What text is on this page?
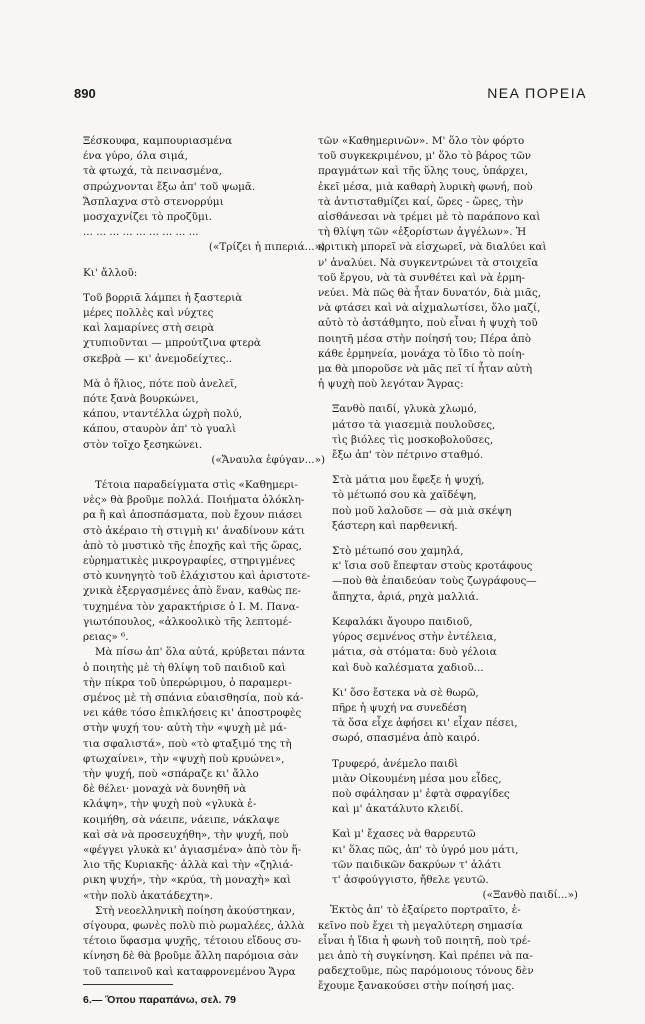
890	ΝΕΑ ΠΟΡΕΙΑ
Ξέσκουφα, καμπουριασμένα
ένα γύρο, όλα σιμά,
τὰ φτωχά, τὰ πεινασμένα,
σπρώχνονται ἔξω ἀπ' τοῦ ψωμᾶ.
Ἄσπλαχνα στὸ στενορρύμι
μοσχαχνίζει τὸ προζῦμι.
... ... ... ... ... ... ... ... ...
(«Τρίζει ἡ πιπεριά...»)
Κι' ἄλλοῦ:
Τοῦ βορριᾶ λάμπει ἡ ξαστεριὰ
μέρες πολλὲς καὶ νύχτες
καὶ λαμαρίνες στὴ σειρὰ
χτυπιοῦνται — μπρούτζινα φτερὰ
σκεβρὰ — κι' ἀνεμοδείχτες..
Μὰ ὁ ἥλιος, πότε ποὺ ἀνελεῖ,
πότε ξανὰ βουρκώνει,
κάπου, νταντέλλα ὡχρὴ πολύ,
κάπου, σταυρὸν ἀπ' τὸ γυαλὶ
στὸν τοῖχο ξεσηκώνει.
(«Ἄναυλα ἐφύγαν...»)
Τέτοια παραδείγματα στὶς «Καθημερι-
νὲς» θὰ βροῦμε πολλά. Ποιήματα ὁλόκλη-
ρα ἢ καὶ ἀποσπάσματα, ποὺ ἔχουν πιάσει
στὸ ἀκέραιο τὴ στιγμὴ κι' ἀναδίνουν κάτι
ἀπὸ τὸ μυστικὸ τῆς ἐποχῆς καὶ τῆς ὥρας,
εὐρηματικὲς μικρογραφίες, στηριγμένες
στὸ κυνηγητὸ τοῦ ἐλάχιστου καὶ ἀριστοτε-
χνικὰ ἐξεργασμένες ἀπὸ ἕναν, καθὼς πε-
τυχημένα τὸν χαρακτήρισε ὁ Ι. Μ. Πανα-
γιωτόπουλος, «ἀλκοολικὸ τῆς λεπτομέ-
ρειας» ⁶.
Μὰ πίσω ἀπ' ὅλα αὐτά, κρύβεται πάντα
ὁ ποιητὴς μὲ τὴ θλίψη τοῦ παιδιοῦ καὶ
τὴν πίκρα τοῦ ὑπερώριμου, ὁ παραμερι-
σμένος μὲ τὴ σπάνια εὐαισθησία, ποὺ κά-
νει κάθε τόσο ἐπικλήσεις κι' ἀποστροφὲς
στὴν ψυχή του· αὐτὴ τὴν «ψυχὴ μὲ μά-
τια σφαλιστά», ποὺ «τὸ φταξιμό της τὴ
φτωχαίνει», τὴν «ψυχὴ ποὺ κρυώνει»,
τὴν ψυχή, ποὺ «σπάραζε κι' ἄλλο
δὲ θέλει· μοναχὰ νὰ δυνηθῆ νὰ
κλάψη», τὴν ψυχὴ ποὺ «γλυκὰ ἐ-
κοιμήθη, σὰ νάειπε, νάειπε, νάκλαψε
καὶ σὰ νὰ προσευχήθη», τὴν ψυχή, ποὺ
«φέγγει γλυκὰ κι' ἁγιασμένα» ἀπὸ τὸν ἥ-
λιο τῆς Κυριακῆς· ἀλλὰ καὶ τὴν «ζηλιά-
ρικη ψυχή», τὴν «κρύα, τὴ μοναχὴ» καὶ
«τὴν πολὺ ἀκατάδεχτη».
Στὴ νεοελληνικὴ ποίηση ἀκούστηκαν,
σίγουρα, φωνὲς πολὺ πιὸ ρωμαλέες, ἀλλὰ
τέτοιο ὕφασμα ψυχῆς, τέτοιου εἴδους συ-
κίνηση δὲ θὰ βροῦμε ἄλλη παρόμοια σὰν
τοῦ ταπεινοῦ καὶ καταφρονεμένου Ἄγρα
τῶν «Καθημερινῶν». Μ' ὅλο τὸν φόρτο
τοῦ συγκεκριμένου, μ' ὅλο τὸ βάρος τῶν
πραγμάτων καὶ τῆς ὕλης τους, ὑπάρχει,
ἐκεῖ μέσα, μιὰ καθαρὴ λυρικὴ φωνή, ποὺ
τὰ ἀντισταθμίζει καί, ὥρες - ὥρες, τὴν
αἰσθάνεσαι νὰ τρέμει μὲ τὸ παράπονο καὶ
τὴ θλίψη τῶν «ἐξορίστων ἀγγέλων». Ἡ
κριτικὴ μπορεῖ νὰ εἰσχωρεῖ, νὰ διαλύει καὶ
ν' ἀναλύει. Νὰ συγκεντρώνει τὰ στοιχεῖα
τοῦ ἔργου, νὰ τὰ συνθέτει καὶ νὰ ἑρμη-
νεύει. Μὰ πῶς θὰ ἦταν δυνατόν, διὰ μιᾶς,
νὰ φτάσει καὶ νὰ αἰχμαλωτίσει, ὅλο μαζί,
αὐτὸ τὸ ἀστάθμητο, ποὺ εἶναι ἡ ψυχὴ τοῦ
ποιητῆ μέσα στὴν ποίησή του; Πέρα ἀπὸ
κάθε ἑρμηνεία, μονάχα τὸ ἴδιο τὸ ποίη-
μα θὰ μποροῦσε νὰ μᾶς πεῖ τί ἦταν αὐτὴ
ἡ ψυχὴ ποὺ λεγόταν Ἄγρας:
Ξανθὸ παιδί, γλυκὰ χλωμό,
μάτσο τὰ γιασεμιὰ πουλοῦσες,
τὶς βιόλες τὶς μοσκοβολοῦσες,
ἔξω ἀπ' τὸν πέτρινο σταθμό.
Στὰ μάτια μου ἔφεξε ἡ ψυχή,
τὸ μέτωπό σου κὰ χαϊδέψη,
ποὺ μοῦ λαλοῦσε — σὰ μιὰ σκέψη
ξάστερη καὶ παρθενική.
Στὸ μέτωπό σου χαμηλά,
κ' ἴσια σοῦ ἔπεφταν στοὺς κροτάφους
—ποὺ θὰ ἐπαιδεύαν τοὺς ζωγράφους—
ἄπηχτα, ἀριά, ρηχὰ μαλλιά.
Κεφαλάκι ἄγουρο παιδιοῦ,
γύρος σεμνένος στὴν ἐντέλεια,
μάτια, σὰ στόματα: δυὸ γέλοια
καὶ δυὸ καλέσματα χαδιοῦ...
Κι' ὅσο ἔστεκα νὰ σὲ θωρῶ,
πῆρε ἡ ψυχή να συνεδέση
τὰ ὅσα εἶχε ἀφήσει κι' εἶχαν πέσει,
σωρό, σπασμένα ἀπὸ καιρό.
Τρυφερό, ἀνέμελο παιδὶ
μιὰν Οἰκουμένη μέσα μου εἶδες,
ποὺ σφάλησαν μ' ἑφτὰ σφραγίδες
καὶ μ' ἀκατάλυτο κλειδί.
Καὶ μ' ἔχασες νὰ θαρρευτῶ
κι' ὅλας πῶς, ἀπ' τὸ ὑγρό μου μάτι,
τῶν παιδικῶν δακρύων τ' ἁλάτι
τ' ἀσφούγγιστο, ἤθελε γευτῶ.
(«Ξανθὸ παιδί...»)
Ἐκτὸς ἀπ' τὸ ἐξαίρετο πορτραῖτο, ἐ-
κεῖνο ποὺ ἔχει τὴ μεγαλύτερη σημασία
εἶναι ἡ ἴδια ἡ φωνὴ τοῦ ποιητῆ, ποὺ τρέ-
μει ἀπὸ τὴ συγκίνηση. Καὶ πρέπει νὰ πα-
ραδεχτοῦμε, πὼς παρόμοιους τόνους δὲν
ἔχουμε ξανακούσει στὴν ποίησή μας.
6.— Ὅπου παραπάνω, σελ. 79
